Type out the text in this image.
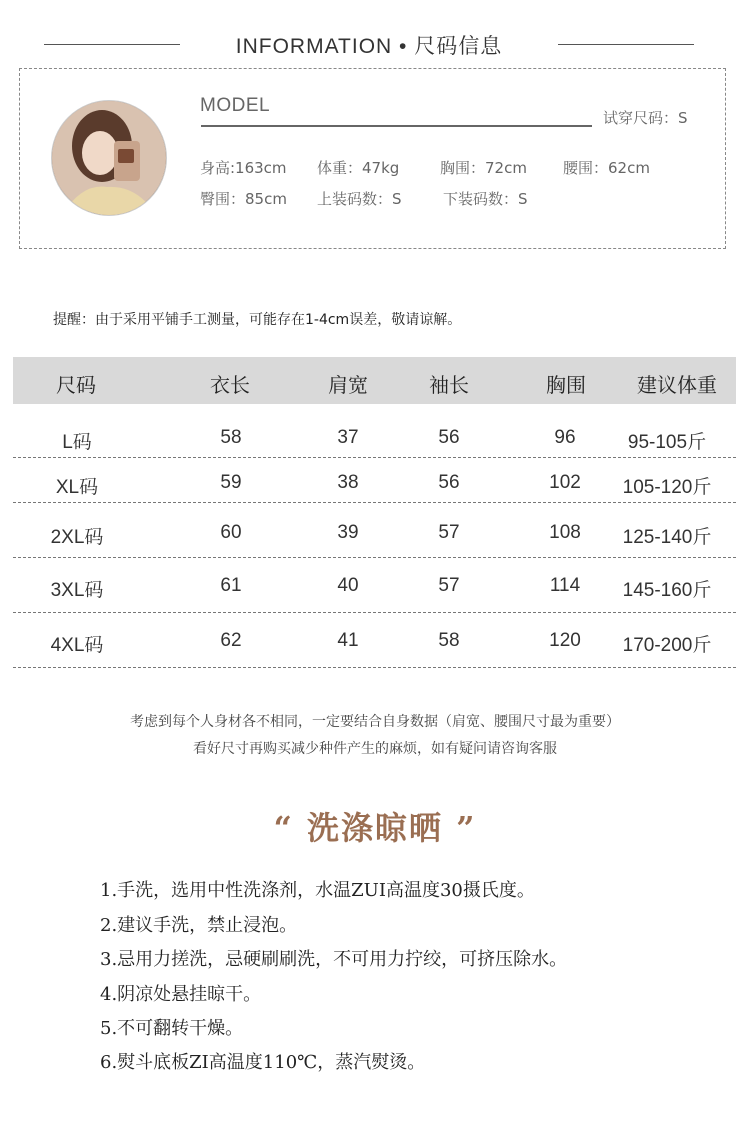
INFORMATION • 尺码信息
MODEL
试穿尺码：S
身高:163cm 体重：47kg	胸围：72cm 腰围：62cm
臀围：85cm 上装码数：S	下装码数：S
提醒：由于采用平铺手工测量，可能存在1-4cm误差，敬请谅解。
尺码	衣长	肩宽	袖长	胸围	建议体重
L码	58	37	56	96	95-105斤
XL码	59	38	56	102	105-120斤
2XL码	60	39	57	108	125-140斤
3XL码	61	40	57	114	145-160斤
4XL码	62	41	58	120	170-200斤
考虑到每个人身材各不相同，一定要结合自身数据（肩宽、腰围尺寸最为重要）
看好尺寸再购买减少种件产生的麻烦，如有疑问请咨询客服
“ 洗涤晾晒 ”
1.手洗，选用中性洗涤剂，水温ZUI高温度30摄氏度。
2.建议手洗，禁止浸泡。
3.忌用力搓洗，忌硬刷刷洗，不可用力拧绞，可挤压除水。
4.阴凉处悬挂晾干。
5.不可翻转干燥。
6.熨斗底板ZI高温度110℃，蒸汽熨烫。
